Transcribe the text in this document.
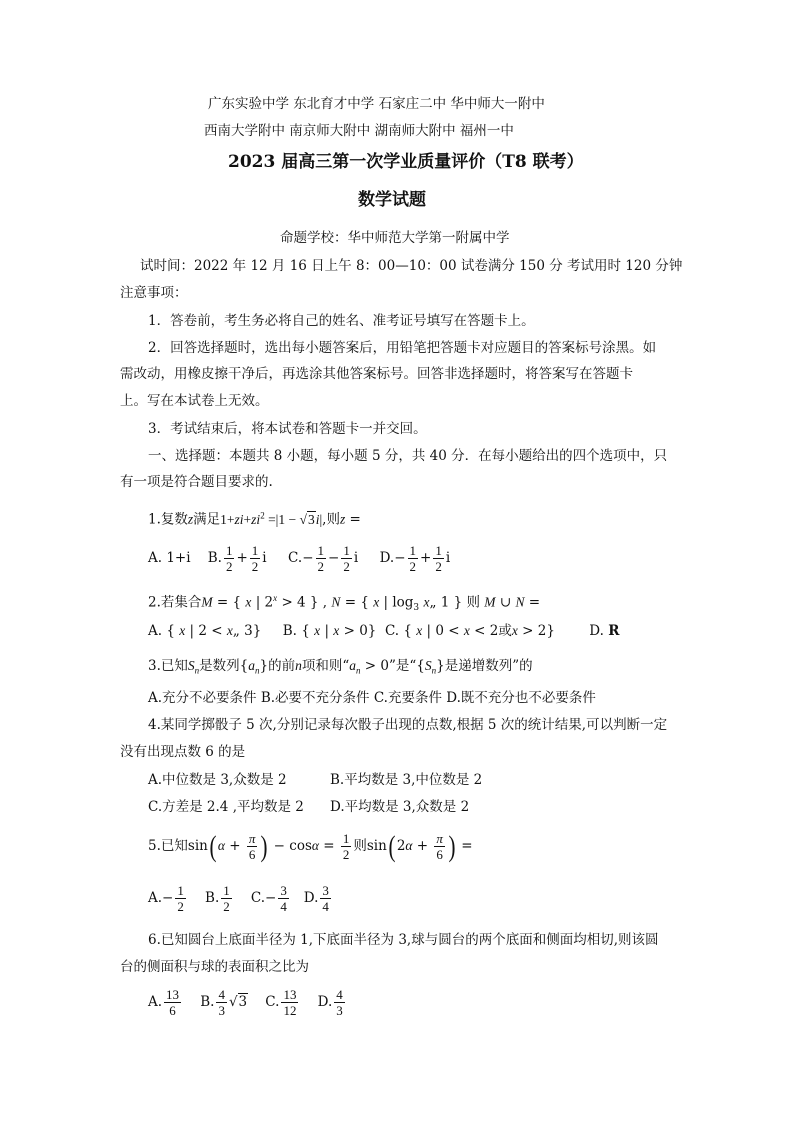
广东实验中学 东北育才中学 石家庄二中 华中师大一附中
西南大学附中 南京师大附中 湖南师大附中 福州一中
2023 届高三第一次学业质量评价（T8 联考）
数学试题
命题学校：华中师范大学第一附属中学
试时间：2022 年 12 月 16 日上午 8：00—10：00 试卷满分 150 分 考试用时 120 分钟
注意事项：
1．答卷前，考生务必将自己的姓名、准考证号填写在答题卡上。
2．回答选择题时，选出每小题答案后，用铅笔把答题卡对应题目的答案标号涂黑。如
需改动，用橡皮擦干净后，再选涂其他答案标号。回答非选择题时，将答案写在答题卡
上。写在本试卷上无效。
3．考试结束后，将本试卷和答题卡一并交回。
一、选择题：本题共 8 小题，每小题 5 分，共 40 分．在每小题给出的四个选项中，只
有一项是符合题目要求的.
1.复数z满足$1+zi+zi^2 =|1 - √3i|$,则z =
A. 1+i B. $\frac{1}{2} + \frac{1}{2}$ i     $C.- \frac{1}{2} - \frac{1}{2}$ i     $D.- \frac{1}{2} + \frac{1}{2}$ i
2.若集合M = { x | $2^x > 4$ } , N = { x | $\log_3$ x„ 1 } 则 M ∪ N =
A. { x | 2 < x„ 3}     B. { x | x > 0}  C. { x | 0 < x < 2或x > 2}        D. R
3.已知$S_n$是数列$\{a_n\}$的前n项和则“$a_n > 0$”是“$\{S_n\}$是递增数列”的
A.充分不必要条件 B.必要不充分条件 C.充要条件 D.既不充分也不必要条件
4.某同学掷骰子 5 次,分别记录每次骰子出现的点数,根据 5 次的统计结果,可以判断一定
没有出现点数 6 的是
A.中位数是 3,众数是 2	B.平均数是 3,中位数是 2
C.方差是 2.4 ,平均数是 2 D.平均数是 3,众数是 2
5.已知sin( $\alpha + \frac{\pi}{6}$ ) − $\cos\alpha = \frac{1}{2}$ 则sin( $2\alpha + \frac{\pi}{6}$ ) =
$A.- \frac{1}{2} B$. $\frac{1}{2} C.- \frac{3}{4} D$. $\frac{3}{4}$
6.已知圆台上底面半径为 1,下底面半径为 3,球与圆台的两个底面和侧面均相切,则该圆
台的侧面积与球的表面积之比为
A. $\frac{13}{6} B$. $\frac{4}{3} √3$    C. $\frac{13}{12} D$. $\frac{4}{3}$
